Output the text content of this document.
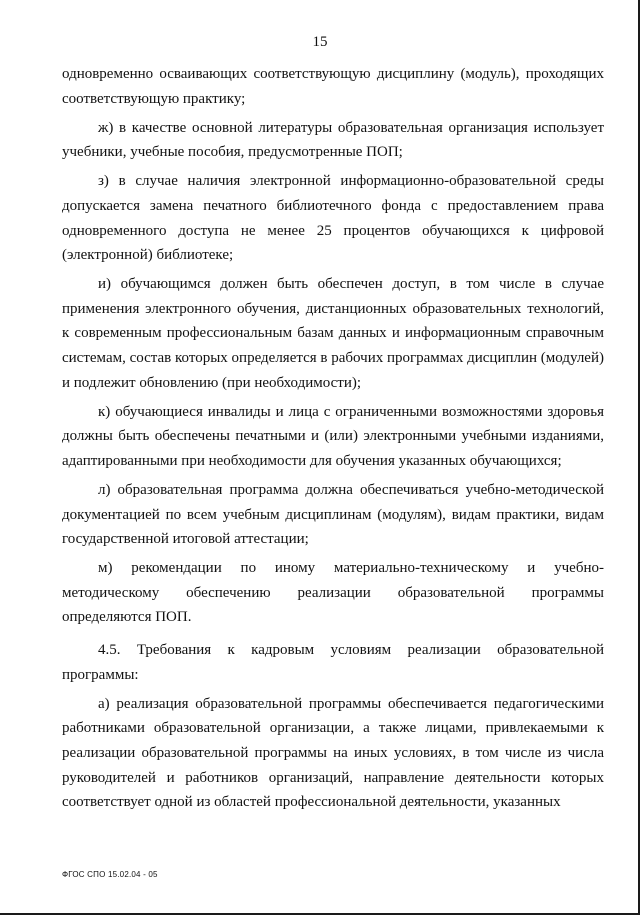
15

одновременно осваивающих соответствующую дисциплину (модуль), проходящих соответствующую практику;

ж) в качестве основной литературы образовательная организация использует учебники, учебные пособия, предусмотренные ПОП;

з) в случае наличия электронной информационно-образовательной среды допускается замена печатного библиотечного фонда с предоставлением права одновременного доступа не менее 25 процентов обучающихся к цифровой (электронной) библиотеке;

и) обучающимся должен быть обеспечен доступ, в том числе в случае применения электронного обучения, дистанционных образовательных технологий, к современным профессиональным базам данных и информационным справочным системам, состав которых определяется в рабочих программах дисциплин (модулей) и подлежит обновлению (при необходимости);

к) обучающиеся инвалиды и лица с ограниченными возможностями здоровья должны быть обеспечены печатными и (или) электронными учебными изданиями, адаптированными при необходимости для обучения указанных обучающихся;

л) образовательная программа должна обеспечиваться учебно-методической документацией по всем учебным дисциплинам (модулям), видам практики, видам государственной итоговой аттестации;

м) рекомендации по иному материально-техническому и учебно-методическому обеспечению реализации образовательной программы определяются ПОП.

4.5. Требования к кадровым условиям реализации образовательной программы:

а) реализация образовательной программы обеспечивается педагогическими работниками образовательной организации, а также лицами, привлекаемыми к реализации образовательной программы на иных условиях, в том числе из числа руководителей и работников организаций, направление деятельности которых соответствует одной из областей профессиональной деятельности, указанных

ФГОС СПО 15.02.04 - 05
